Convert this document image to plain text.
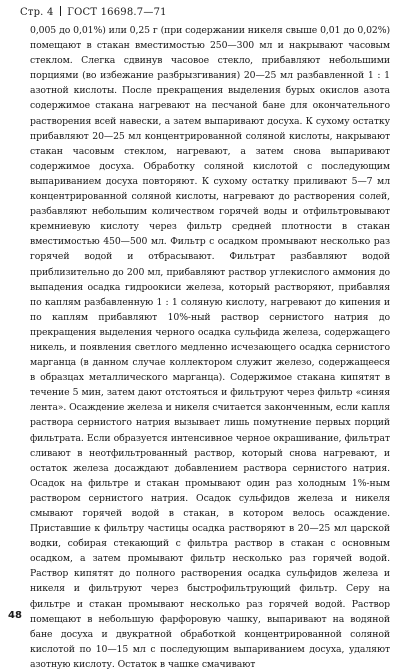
Стр. 4 ГОСТ 16698.7—71

0,005 до 0,01%) или 0,25 г (при содержании никеля свыше 0,01 до 0,02%) помещают в стакан вместимостью 250—300 мл и накрывают часовым стеклом. Слегка сдвинув часовое стекло, прибавляют небольшими порциями (во избежание разбрызгивания) 20—25 мл разбавленной 1 : 1 азотной кислоты. После прекращения выделения бурых окислов азота содержимое стакана нагревают на песчаной бане для окончательного растворения всей навески, а затем выпаривают досуха. К сухому остатку прибавляют 20—25 мл концентрированной соляной кислоты, накрывают стакан часовым стеклом, нагревают, а затем снова выпаривают содержимое досуха. Обработку соляной кислотой с последующим выпариванием досуха повторяют. К сухому остатку приливают 5—7 мл концентрированной соляной кислоты, нагревают до растворения солей, разбавляют небольшим количеством горячей воды и отфильтровывают кремниевую кислоту через фильтр средней плотности в стакан вместимостью 450—500 мл. Фильтр с осадком промывают несколько раз горячей водой и отбрасывают. Фильтрат разбавляют водой приблизительно до 200 мл, прибавляют раствор углекислого аммония до выпадения осадка гидроокиси железа, который растворяют, прибавляя по каплям разбавленную 1 : 1 соляную кислоту, нагревают до кипения и по каплям прибавляют 10%-ный раствор сернистого натрия до прекращения выделения черного осадка сульфида железа, содержащего никель, и появления светлого медленно исчезающего осадка сернистого марганца (в данном случае коллектором служит железо, содержащееся в образцах металлического марганца). Содержимое стакана кипятят в течение 5 мин, затем дают отстояться и фильтруют через фильтр «синяя лента». Осаждение железа и никеля считается законченным, если капля раствора сернистого натрия вызывает лишь помутнение первых порций фильтрата. Если образуется интенсивное черное окрашивание, фильтрат сливают в неотфильтрованный раствор, который снова нагревают, и остаток железа досаждают добавлением раствора сернистого натрия. Осадок на фильтре и стакан промывают один раз холодным 1%-ным раствором сернистого натрия. Осадок сульфидов железа и никеля смывают горячей водой в стакан, в котором велось осаждение. Приставшие к фильтру частицы осадка растворяют в 20—25 мл царской водки, собирая стекающий с фильтра раствор в стакан с основным осадком, а затем промывают фильтр несколько раз горячей водой. Раствор кипятят до полного растворения осадка сульфидов железа и никеля и фильтруют через быстрофильтрующий фильтр. Серу на фильтре и стакан промывают несколько раз горячей водой. Раствор помещают в небольшую фарфоровую чашку, выпаривают на водяной бане досуха и двукратной обработкой концентрированной соляной кислотой по 10—15 мл с последующим выпариванием досуха, удаляют азотную кислоту. Остаток в чашке смачивают

48
